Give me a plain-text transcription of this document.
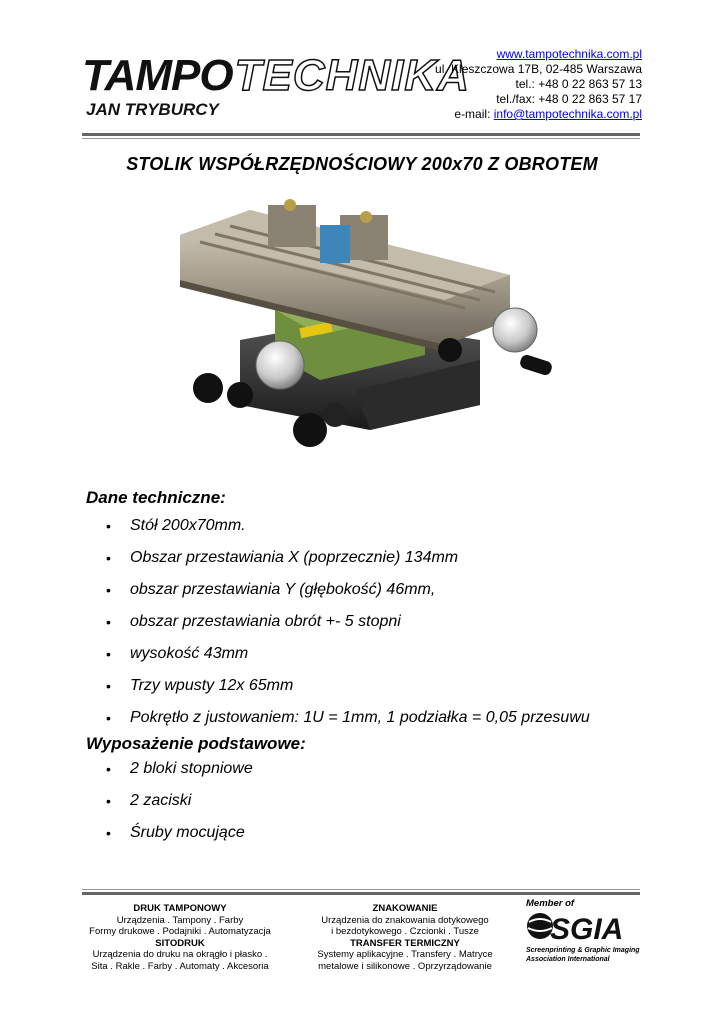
TAMPOTECHNIKA
JAN TRYBURCY
www.tampotechnika.com.pl
ul. Kleszczowa 17B, 02-485 Warszawa
tel.: +48 0 22 863 57 13
tel./fax: +48 0 22 863 57 17
e-mail: info@tampotechnika.com.pl
STOLIK WSPÓŁRZĘDNOŚCIOWY 200x70 Z OBROTEM
Dane techniczne:
• Stół 200x70mm.
• Obszar przestawiania X (poprzecznie) 134mm
• obszar przestawiania Y (głębokość) 46mm,
• obszar przestawiania obrót +- 5 stopni
• wysokość 43mm
• Trzy wpusty 12x 65mm
• Pokrętło z justowaniem: 1U = 1mm, 1 podziałka = 0,05 przesuwu
Wyposażenie podstawowe:
• 2 bloki stopniowe
• 2 zaciski
• Śruby mocujące
DRUK TAMPONOWY
Urządzenia . Tampony . Farby
Formy drukowe . Podajniki . Automatyzacja
SITODRUK
Urządzenia do druku na okrągło i płasko .
Sita . Rakle . Farby . Automaty . Akcesoria
ZNAKOWANIE
Urządzenia do znakowania dotykowego
i bezdotykowego . Czcionki . Tusze
TRANSFER TERMICZNY
Systemy aplikacyjne . Transfery . Matryce
metalowe i silikonowe . Oprzyrządowanie
Member of
SGIA
Screenprinting & Graphic Imaging
Association International
